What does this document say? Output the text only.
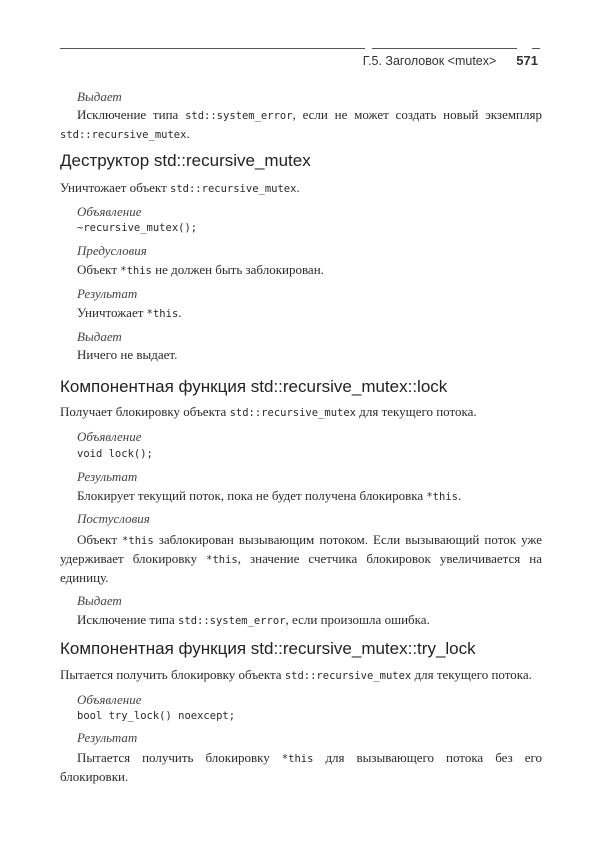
Г.5. Заголовок <mutex> 571
Выдает
Исключение типа std::system_error, если не может создать новый экземпляр std::recursive_mutex.
Деструктор std::recursive_mutex
Уничтожает объект std::recursive_mutex.
Объявление
~recursive_mutex();
Предусловия
Объект *this не должен быть заблокирован.
Результат
Уничтожает *this.
Выдает
Ничего не выдает.
Компонентная функция std::recursive_mutex::lock
Получает блокировку объекта std::recursive_mutex для текущего потока.
Объявление
void lock();
Результат
Блокирует текущий поток, пока не будет получена блокировка *this.
Постусловия
Объект *this заблокирован вызывающим потоком. Если вызывающий поток уже удерживает блокировку *this, значение счетчика блокировок увеличивается на единицу.
Выдает
Исключение типа std::system_error, если произошла ошибка.
Компонентная функция std::recursive_mutex::try_lock
Пытается получить блокировку объекта std::recursive_mutex для текущего потока.
Объявление
bool try_lock() noexcept;
Результат
Пытается получить блокировку *this для вызывающего потока без его блокировки.
